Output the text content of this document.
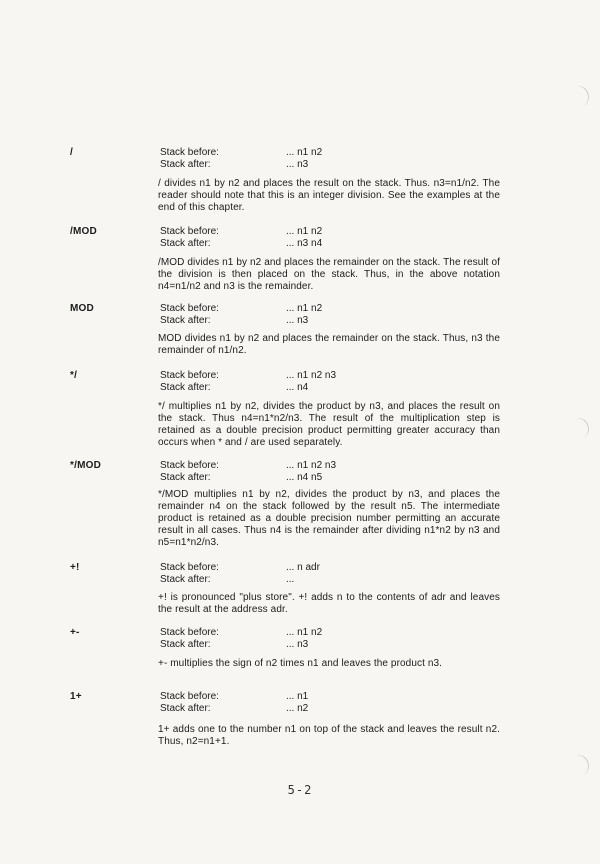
/	Stack before:	... n1 n2
Stack after:	... n3
/ divides n1 by n2 and places the result on the stack. Thus. n3=n1/n2. The reader should note that this is an integer division. See the examples at the end of this chapter.
/MOD	Stack before:	... n1 n2
Stack after:	... n3 n4
/MOD divides n1 by n2 and places the remainder on the stack. The result of the division is then placed on the stack. Thus, in the above notation n4=n1/n2 and n3 is the remainder.
MOD	Stack before:	... n1 n2
Stack after:	... n3
MOD divides n1 by n2 and places the remainder on the stack. Thus, n3 the remainder of n1/n2.
*/	Stack before:	... n1 n2 n3
Stack after:	... n4
*/ multiplies n1 by n2, divides the product by n3, and places the result on the stack. Thus n4=n1*n2/n3. The result of the multiplication step is retained as a double precision product permitting greater accuracy than occurs when * and / are used separately.
*/MOD	Stack before:	... n1 n2 n3
Stack after:	... n4 n5
*/MOD multiplies n1 by n2, divides the product by n3, and places the remainder n4 on the stack followed by the result n5. The intermediate product is retained as a double precision number permitting an accurate result in all cases. Thus n4 is the remainder after dividing n1*n2 by n3 and n5=n1*n2/n3.
+!	Stack before:	... n adr
Stack after:	...
+! is pronounced "plus store". +! adds n to the contents of adr and leaves the result at the address adr.
+-	Stack before:	... n1 n2
Stack after:	... n3
+- multiplies the sign of n2 times n1 and leaves the product n3.
1+	Stack before:	... n1
Stack after:	... n2
1+ adds one to the number n1 on top of the stack and leaves the result n2. Thus, n2=n1+1.
5-2
